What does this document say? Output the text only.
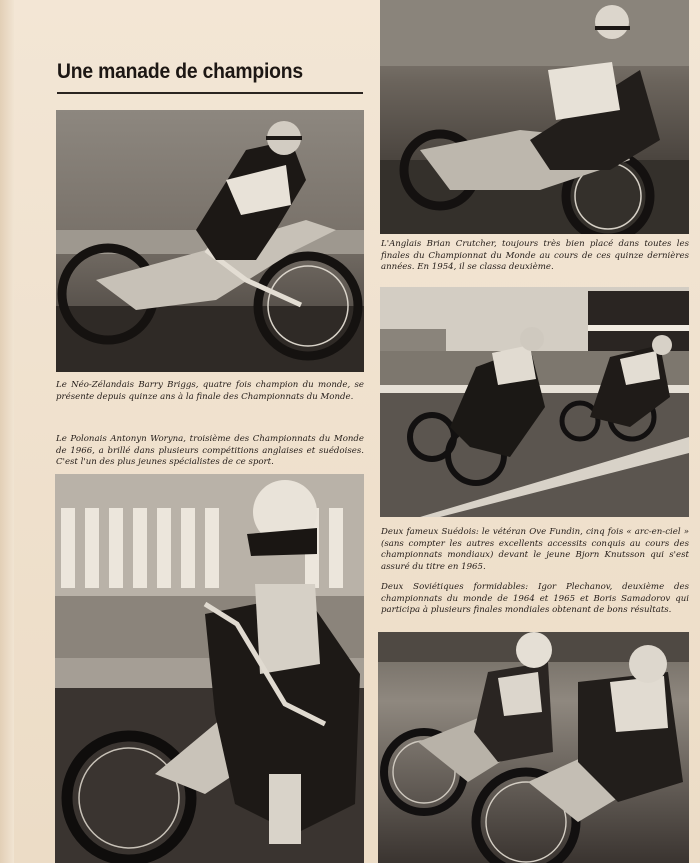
Une manade de champions

Le Néo-Zélandais Barry Briggs, quatre fois champion du monde, se présente depuis quinze ans à la finale des Championnats du Monde.

Le Polonais Antonyn Woryna, troisième des Championnats du Monde de 1966, a brillé dans plusieurs compétitions anglaises et suédoises. C'est l'un des plus jeunes spécialistes de ce sport.

L'Anglais Brian Crutcher, toujours très bien placé dans toutes les finales du Championnat du Monde au cours de ces quinze dernières années. En 1954, il se classa deuxième.

Deux fameux Suédois: le vétéran Ove Fundin, cinq fois « arc-en-ciel » (sans compter les autres excellents accessits conquis au cours des championnats mondiaux) devant le jeune Bjorn Knutsson qui s'est assuré du titre en 1965.

Deux Soviétiques formidables: Igor Plechanov, deuxième des championnats du monde de 1964 et 1965 et Boris Samadorov qui participa à plusieurs finales mondiales obtenant de bons résultats.
